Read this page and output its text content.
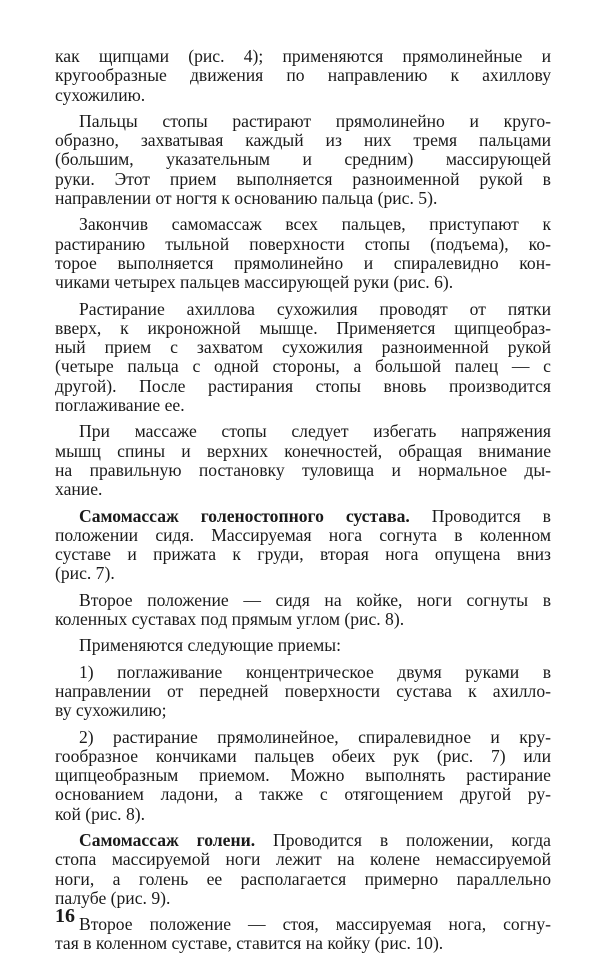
как щипцами (рис. 4); применяются прямолинейные и
кругообразные движения по направлению к ахиллову
сухожилию.
Пальцы стопы растирают прямолинейно и круго-
образно, захватывая каждый из них тремя пальцами
(большим, указательным и средним) массирующей
руки. Этот прием выполняется разноименной рукой в
направлении от ногтя к основанию пальца (рис. 5).
Закончив самомассаж всех пальцев, приступают к
растиранию тыльной поверхности стопы (подъема), ко-
торое выполняется прямолинейно и спиралевидно кон-
чиками четырех пальцев массирующей руки (рис. 6).
Растирание ахиллова сухожилия проводят от пятки
вверх, к икроножной мышце. Применяется щипцеобраз-
ный прием с захватом сухожилия разноименной рукой
(четыре пальца с одной стороны, а большой палец — с
другой). После растирания стопы вновь производится
поглаживание ее.
При массаже стопы следует избегать напряжения
мышц спины и верхних конечностей, обращая внимание
на правильную постановку туловища и нормальное ды-
хание.
Самомассаж голеностопного сустава. Проводится в
положении сидя. Массируемая нога согнута в коленном
суставе и прижата к груди, вторая нога опущена вниз
(рис. 7).
Второе положение — сидя на койке, ноги согнуты в
коленных суставах под прямым углом (рис. 8).
Применяются следующие приемы:
1) поглаживание концентрическое двумя руками в
направлении от передней поверхности сустава к ахилло-
ву сухожилию;
2) растирание прямолинейное, спиралевидное и кру-
гообразное кончиками пальцев обеих рук (рис. 7) или
щипцеобразным приемом. Можно выполнять растирание
основанием ладони, а также с отягощением другой ру-
кой (рис. 8).
Самомассаж голени. Проводится в положении, когда
стопа массируемой ноги лежит на колене немассируемой
ноги, а голень ее располагается примерно параллельно
палубе (рис. 9).
Второе положение — стоя, массируемая нога, согну-
тая в коленном суставе, ставится на койку (рис. 10).
16
